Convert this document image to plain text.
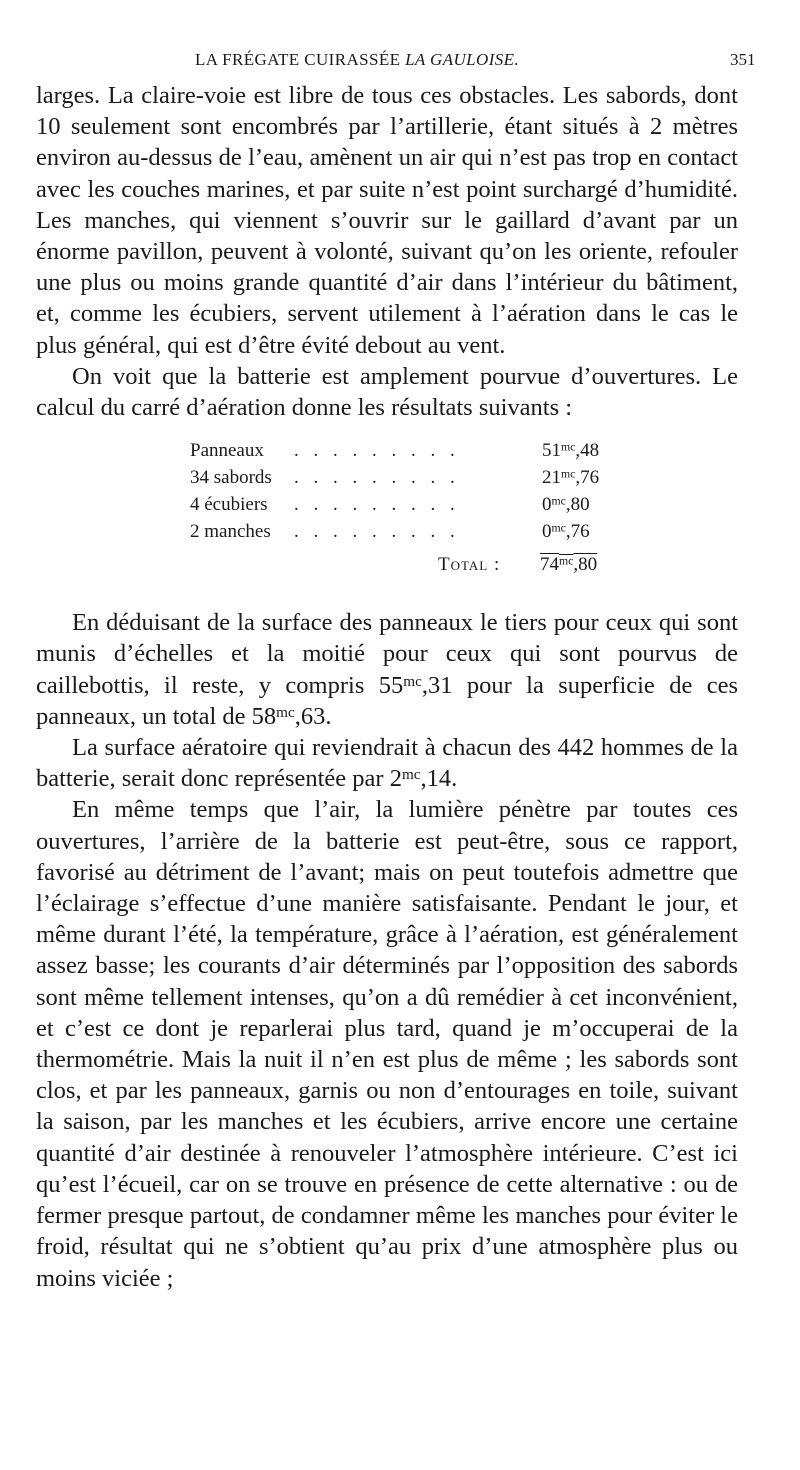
LA FRÉGATE CUIRASSÉE LA GAULOISE.	351

larges. La claire-voie est libre de tous ces obstacles. Les sabords, dont 10 seulement sont encombrés par l’artillerie, étant situés à 2 mètres environ au-dessus de l’eau, amènent un air qui n’est pas trop en contact avec les couches marines, et par suite n’est point surchargé d’humidité. Les manches, qui viennent s’ouvrir sur le gaillard d’avant par un énorme pavillon, peuvent à volonté, suivant qu’on les oriente, refouler une plus ou moins grande quantité d’air dans l’intérieur du bâtiment, et, comme les écubiers, servent utilement à l’aération dans le cas le plus général, qui est d’être évité debout au vent.

On voit que la batterie est amplement pourvue d’ouvertures. Le calcul du carré d’aération donne les résultats suivants :

Panneaux . . . . . . . . .	$51^{mc},48$
34 sabords . . . . . . . . .	$21^{mc},76$
4 écubiers . . . . . . . . .	$0^{mc},80$
2 manches . . . . . . . . .	$0^{mc},76$
Total : $74^{mc},80$

En déduisant de la surface des panneaux le tiers pour ceux qui sont munis d’échelles et la moitié pour ceux qui sont pourvus de caillebottis, il reste, y compris $55^{mc},31$ pour la superficie de ces panneaux, un total de $58^{mc},63$.

La surface aératoire qui reviendrait à chacun des 442 hommes de la batterie, serait donc représentée par $2^{mc},14$.

En même temps que l’air, la lumière pénètre par toutes ces ouvertures, l’arrière de la batterie est peut-être, sous ce rapport, favorisé au détriment de l’avant; mais on peut toutefois admettre que l’éclairage s’effectue d’une manière satisfaisante. Pendant le jour, et même durant l’été, la température, grâce à l’aération, est généralement assez basse; les courants d’air déterminés par l’opposition des sabords sont même tellement intenses, qu’on a dû remédier à cet inconvénient, et c’est ce dont je reparlerai plus tard, quand je m’occuperai de la thermométrie. Mais la nuit il n’en est plus de même ; les sabords sont clos, et par les panneaux, garnis ou non d’entourages en toile, suivant la saison, par les manches et les écubiers, arrive encore une certaine quantité d’air destinée à renouveler l’atmosphère intérieure. C’est ici qu’est l’écueil, car on se trouve en présence de cette alternative : ou de fermer presque partout, de condamner même les manches pour éviter le froid, résultat qui ne s’obtient qu’au prix d’une atmosphère plus ou moins viciée ;
